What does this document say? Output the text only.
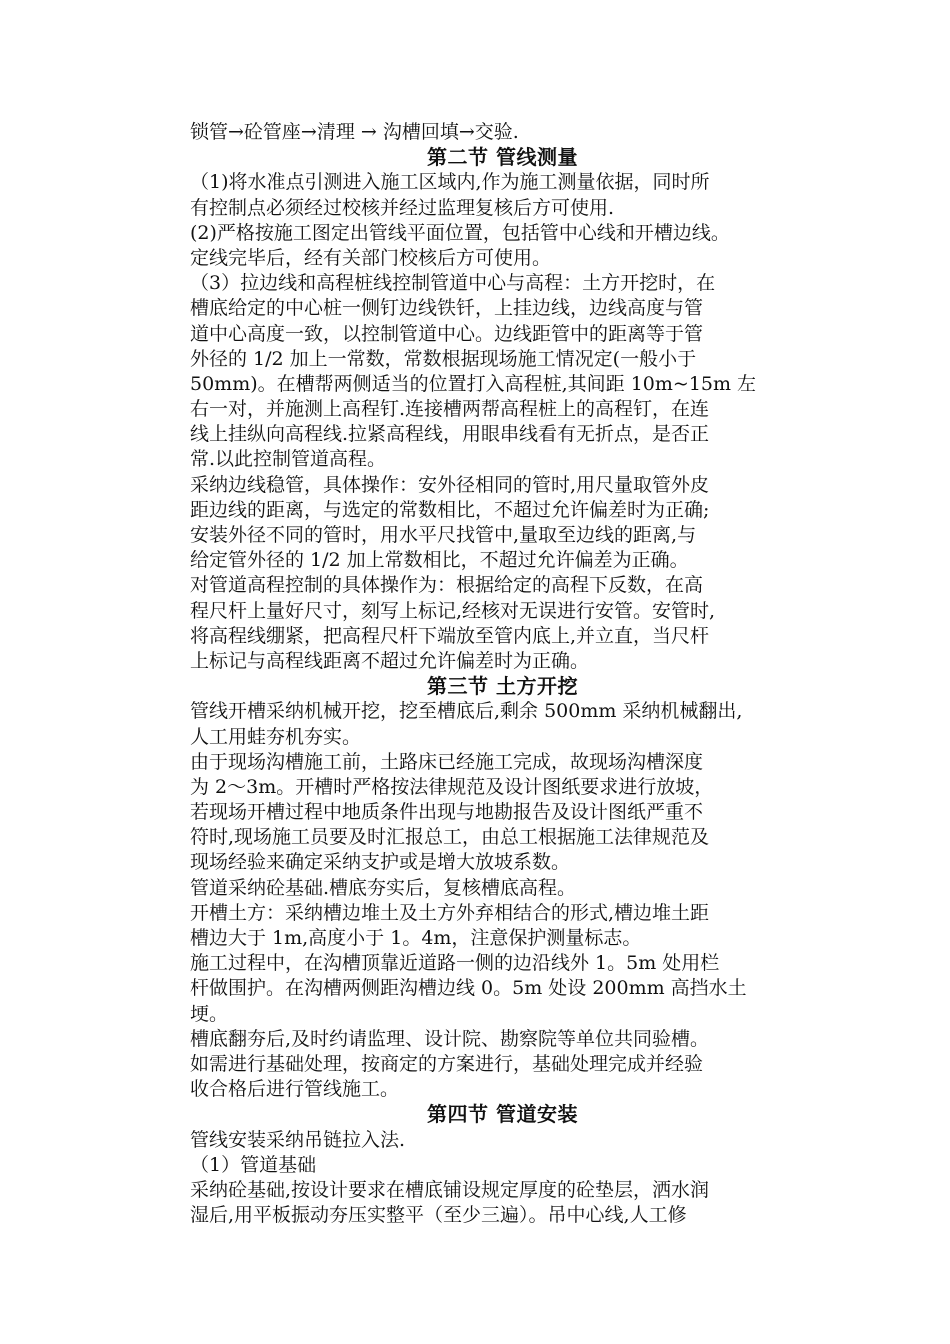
锁管→砼管座→清理 → 沟槽回填→交验.
第二节 管线测量
（1)将水准点引测进入施工区域内,作为施工测量依据，同时所
有控制点必须经过校核并经过监理复核后方可使用.
(2)严格按施工图定出管线平面位置，包括管中心线和开槽边线。
定线完毕后，经有关部门校核后方可使用。
（3）拉边线和高程桩线控制管道中心与高程：土方开挖时，在
槽底给定的中心桩一侧钉边线铁钎，上挂边线，边线高度与管
道中心高度一致，以控制管道中心。边线距管中的距离等于管
外径的 1/2 加上一常数，常数根据现场施工情况定(一般小于
50mm)。在槽帮两侧适当的位置打入高程桩,其间距 10m~15m 左
右一对，并施测上高程钉.连接槽两帮高程桩上的高程钉，在连
线上挂纵向高程线.拉紧高程线，用眼串线看有无折点，是否正
常.以此控制管道高程。
采纳边线稳管，具体操作：安外径相同的管时,用尺量取管外皮
距边线的距离，与选定的常数相比，不超过允许偏差时为正确;
安装外径不同的管时，用水平尺找管中,量取至边线的距离,与
给定管外径的 1/2 加上常数相比，不超过允许偏差为正确。
对管道高程控制的具体操作为：根据给定的高程下反数，在高
程尺杆上量好尺寸，刻写上标记,经核对无误进行安管。安管时,
将高程线绷紧，把高程尺杆下端放至管内底上,并立直，当尺杆
上标记与高程线距离不超过允许偏差时为正确。
第三节 土方开挖
管线开槽采纳机械开挖，挖至槽底后,剩余 500mm 采纳机械翻出,
人工用蛙夯机夯实。
由于现场沟槽施工前，土路床已经施工完成，故现场沟槽深度
为 2～3m。开槽时严格按法律规范及设计图纸要求进行放坡，
若现场开槽过程中地质条件出现与地勘报告及设计图纸严重不
符时,现场施工员要及时汇报总工，由总工根据施工法律规范及
现场经验来确定采纳支护或是增大放坡系数。
管道采纳砼基础.槽底夯实后，复核槽底高程。
开槽土方：采纳槽边堆土及土方外弃相结合的形式,槽边堆土距
槽边大于 1m,高度小于 1。4m，注意保护测量标志。
施工过程中，在沟槽顶靠近道路一侧的边沿线外 1。5m 处用栏
杆做围护。在沟槽两侧距沟槽边线 0。5m 处设 200mm 高挡水土
埂。
槽底翻夯后,及时约请监理、设计院、勘察院等单位共同验槽。
如需进行基础处理，按商定的方案进行，基础处理完成并经验
收合格后进行管线施工。
第四节 管道安装
管线安装采纳吊链拉入法.
（1）管道基础
采纳砼基础,按设计要求在槽底铺设规定厚度的砼垫层，洒水润
湿后,用平板振动夯压实整平（至少三遍）。吊中心线,人工修
